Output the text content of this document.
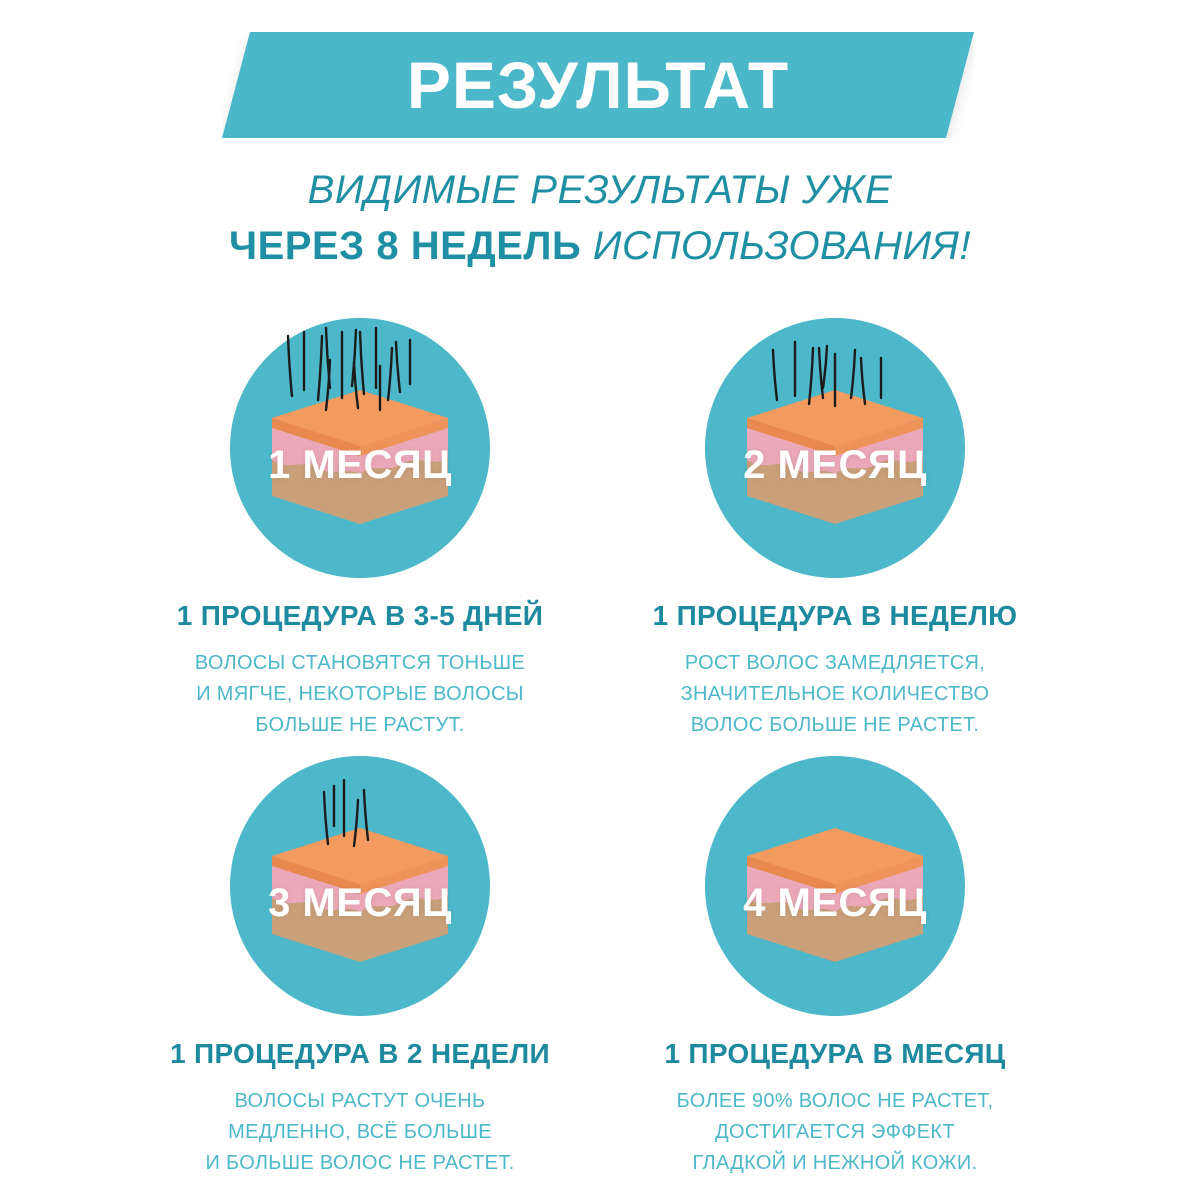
РЕЗУЛЬТАТ
ВИДИМЫЕ РЕЗУЛЬТАТЫ УЖЕ
ЧЕРЕЗ 8 НЕДЕЛЬ ИСПОЛЬЗОВАНИЯ!
1 МЕСЯЦ
1 ПРОЦЕДУРА В 3-5 ДНЕЙ
ВОЛОСЫ СТАНОВЯТСЯ ТОНЬШЕ
И МЯГЧЕ, НЕКОТОРЫЕ ВОЛОСЫ
БОЛЬШЕ НЕ РАСТУТ.
2 МЕСЯЦ
1 ПРОЦЕДУРА В НЕДЕЛЮ
РОСТ ВОЛОС ЗАМЕДЛЯЕТСЯ,
ЗНАЧИТЕЛЬНОЕ КОЛИЧЕСТВО
ВОЛОС БОЛЬШЕ НЕ РАСТЕТ.
3 МЕСЯЦ
1 ПРОЦЕДУРА В 2 НЕДЕЛИ
ВОЛОСЫ РАСТУТ ОЧЕНЬ
МЕДЛЕННО, ВСЁ БОЛЬШЕ
И БОЛЬШЕ ВОЛОС НЕ РАСТЕТ.
4 МЕСЯЦ
1 ПРОЦЕДУРА В МЕСЯЦ
БОЛЕЕ 90% ВОЛОС НЕ РАСТЕТ,
ДОСТИГАЕТСЯ ЭФФЕКТ
ГЛАДКОЙ И НЕЖНОЙ КОЖИ.
